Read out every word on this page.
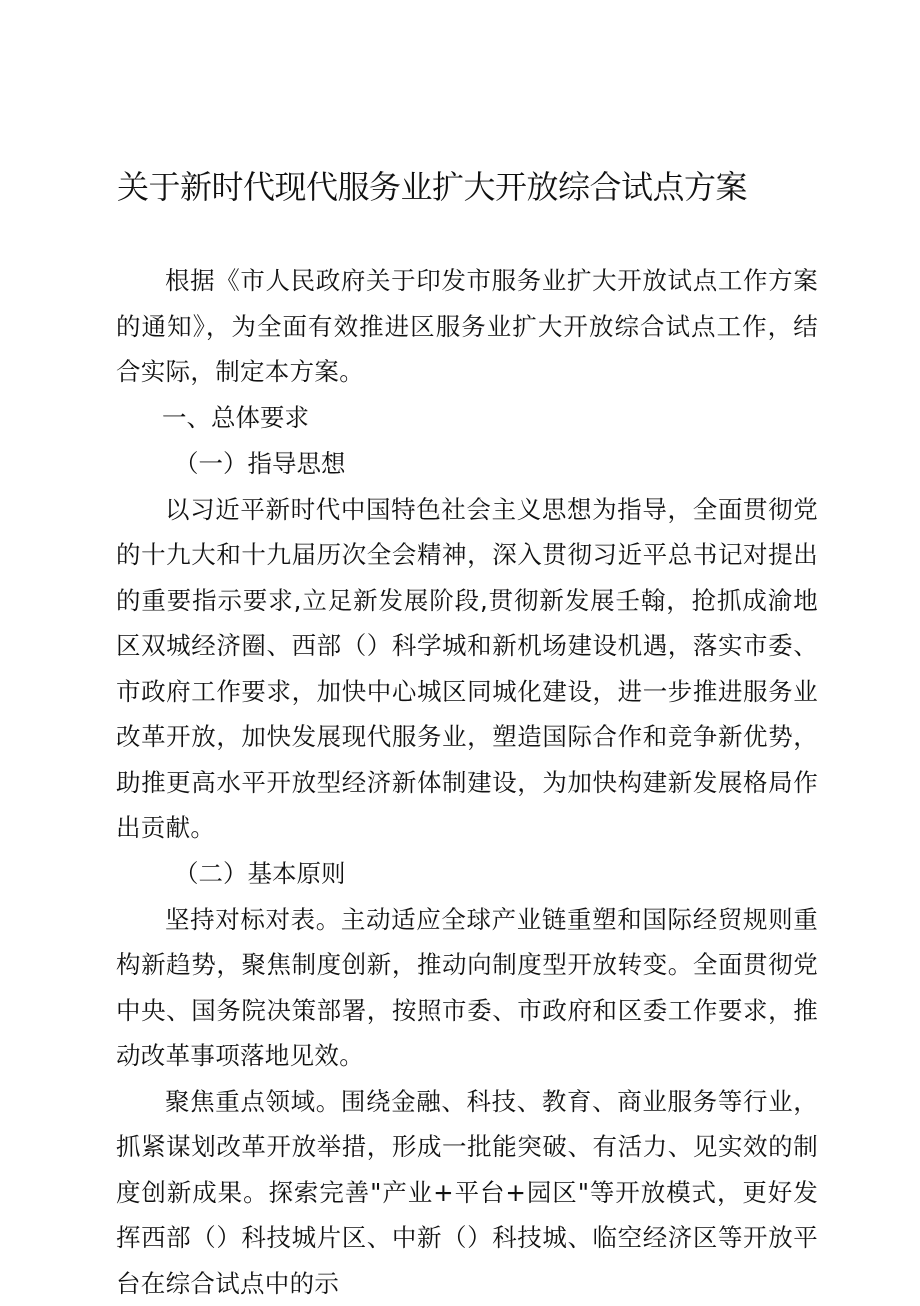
关于新时代现代服务业扩大开放综合试点方案

根据《市人民政府关于印发市服务业扩大开放试点工作方案的通知》，为全面有效推进区服务业扩大开放综合试点工作，结合实际，制定本方案。

一、总体要求

（一）指导思想

以习近平新时代中国特色社会主义思想为指导，全面贯彻党的十九大和十九届历次全会精神，深入贯彻习近平总书记对提出的重要指示要求,立足新发展阶段,贯彻新发展壬翰，抢抓成渝地区双城经济圈、西部（）科学城和新机场建设机遇，落实市委、市政府工作要求，加快中心城区同城化建设，进一步推进服务业改革开放，加快发展现代服务业，塑造国际合作和竞争新优势，助推更高水平开放型经济新体制建设，为加快构建新发展格局作出贡献。

（二）基本原则

坚持对标对表。主动适应全球产业链重塑和国际经贸规则重构新趋势，聚焦制度创新，推动向制度型开放转变。全面贯彻党中央、国务院决策部署，按照市委、市政府和区委工作要求，推动改革事项落地见效。

聚焦重点领域。围绕金融、科技、教育、商业服务等行业，抓紧谋划改革开放举措，形成一批能突破、有活力、见实效的制度创新成果。探索完善"产业+平台+园区"等开放模式，更好发挥西部（）科技城片区、中新（）科技城、临空经济区等开放平台在综合试点中的示
